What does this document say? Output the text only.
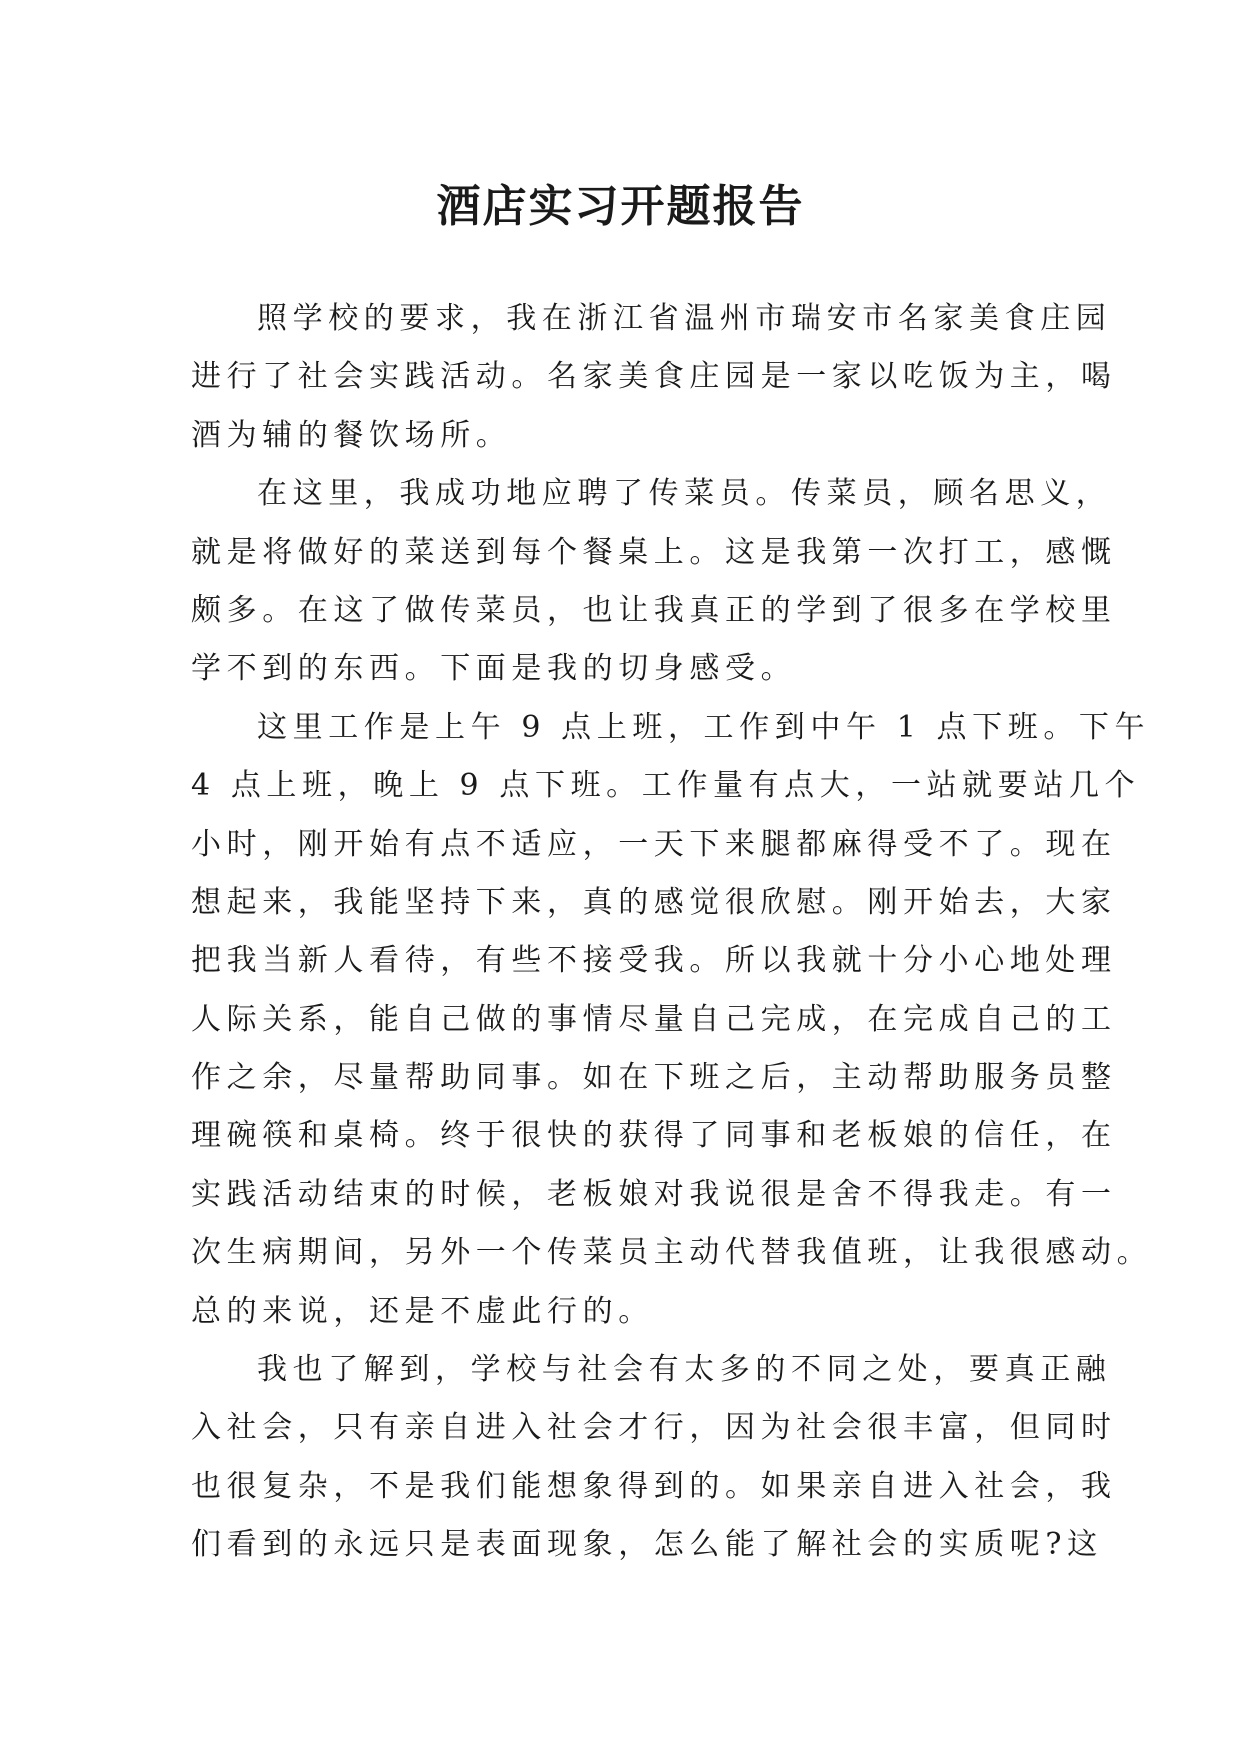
酒店实习开题报告

照学校的要求，我在浙江省温州市瑞安市名家美食庄园
进行了社会实践活动。名家美食庄园是一家以吃饭为主，喝
酒为辅的餐饮场所。

在这里，我成功地应聘了传菜员。传菜员，顾名思义，
就是将做好的菜送到每个餐桌上。这是我第一次打工，感慨
颇多。在这了做传菜员，也让我真正的学到了很多在学校里
学不到的东西。下面是我的切身感受。

这里工作是上午 9 点上班，工作到中午 1 点下班。下午
4 点上班，晚上 9 点下班。工作量有点大，一站就要站几个
小时，刚开始有点不适应，一天下来腿都麻得受不了。现在
想起来，我能坚持下来，真的感觉很欣慰。刚开始去，大家
把我当新人看待，有些不接受我。所以我就十分小心地处理
人际关系，能自己做的事情尽量自己完成，在完成自己的工
作之余，尽量帮助同事。如在下班之后，主动帮助服务员整
理碗筷和桌椅。终于很快的获得了同事和老板娘的信任，在
实践活动结束的时候，老板娘对我说很是舍不得我走。有一
次生病期间，另外一个传菜员主动代替我值班，让我很感动。
总的来说，还是不虚此行的。

我也了解到，学校与社会有太多的不同之处，要真正融
入社会，只有亲自进入社会才行，因为社会很丰富，但同时
也很复杂，不是我们能想象得到的。如果亲自进入社会，我
们看到的永远只是表面现象，怎么能了解社会的实质呢?这
